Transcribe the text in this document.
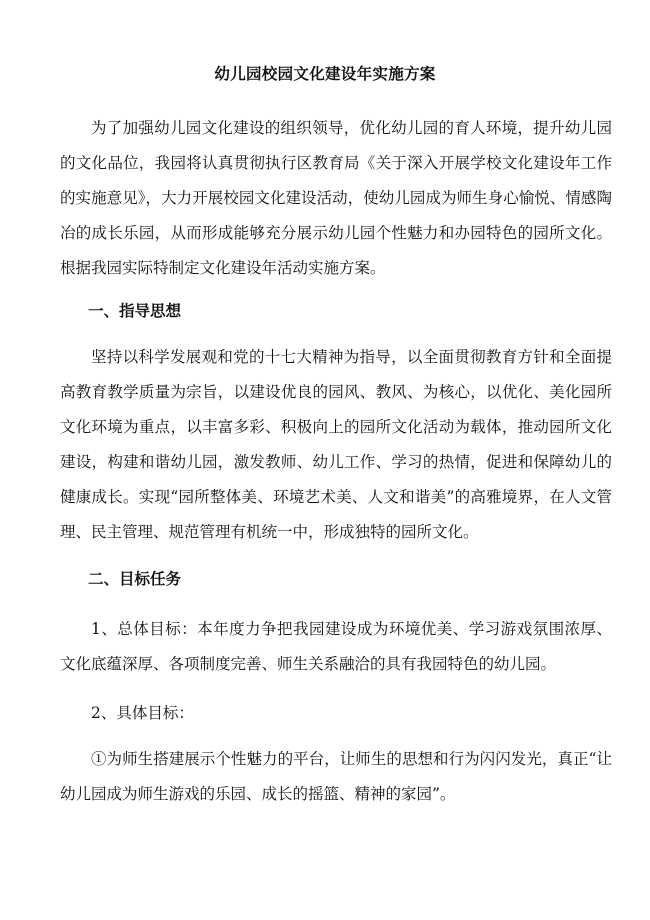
幼儿园校园文化建设年实施方案

为了加强幼儿园文化建设的组织领导，优化幼儿园的育人环境，提升幼儿园的文化品位，我园将认真贯彻执行区教育局《关于深入开展学校文化建设年工作的实施意见》，大力开展校园文化建设活动，使幼儿园成为师生身心愉悦、情感陶冶的成长乐园，从而形成能够充分展示幼儿园个性魅力和办园特色的园所文化。根据我园实际特制定文化建设年活动实施方案。

一、指导思想

坚持以科学发展观和党的十七大精神为指导，以全面贯彻教育方针和全面提高教育教学质量为宗旨，以建设优良的园风、教风、为核心，以优化、美化园所文化环境为重点，以丰富多彩、积极向上的园所文化活动为载体，推动园所文化建设，构建和谐幼儿园，激发教师、幼儿工作、学习的热情，促进和保障幼儿的健康成长。实现“园所整体美、环境艺术美、人文和谐美”的高雅境界，在人文管理、民主管理、规范管理有机统一中，形成独特的园所文化。

二、目标任务

1、总体目标：本年度力争把我园建设成为环境优美、学习游戏氛围浓厚、文化底蕴深厚、各项制度完善、师生关系融洽的具有我园特色的幼儿园。

2、具体目标：

①为师生搭建展示个性魅力的平台，让师生的思想和行为闪闪发光，真正“让幼儿园成为师生游戏的乐园、成长的摇篮、精神的家园”。
